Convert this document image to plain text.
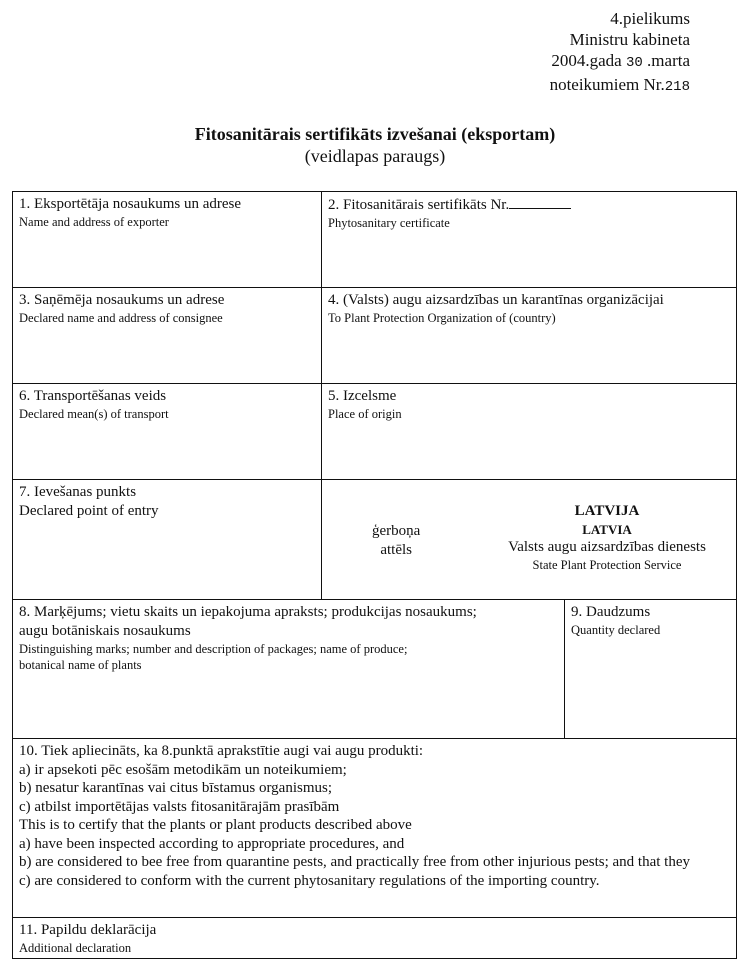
4.pielikums
Ministru kabineta
2004.gada 30 .marta
noteikumiem Nr.218
Fitosanitārais sertifikāts izvešanai (eksportam)
(veidlapas paraugs)
1. Eksportētāja nosaukums un adrese
Name and address of exporter
2. Fitosanitārais sertifikāts Nr.
Phytosanitary certificate
3. Saņēmēja nosaukums un adrese
Declared name and address of consignee
4. (Valsts) augu aizsardzības un karantīnas organizācijai
To Plant Protection Organization of (country)
6. Transportēšanas veids
Declared mean(s) of transport
5. Izcelsme
Place of origin
7. Ievešanas punkts
Declared point of entry
ģerboņa
attēls
LATVIJA
LATVIA
Valsts augu aizsardzības dienests
State Plant Protection Service
8. Marķējums; vietu skaits un iepakojuma apraksts; produkcijas nosaukums;
augu botāniskais nosaukums
Distinguishing marks; number and description of packages; name of produce;
botanical name of plants
9. Daudzums
Quantity declared

10. Tiek apliecināts, ka 8.punktā aprakstītie augi vai augu produkti:

a) ir apsekoti pēc esošām metodikām un noteikumiem;

b) nesatur karantīnas vai citus bīstamus organismus;

c) atbilst importētājas valsts fitosanitārajām prasībām

This is to certify that the plants or plant products described above

a) have been inspected according to appropriate procedures, and

b) are considered to bee free from quarantine pests, and practically free from other injurious pests; and that they

c) are considered to conform with the current phytosanitary regulations of the importing country.

11. Papildu deklarācija
Additional declaration
